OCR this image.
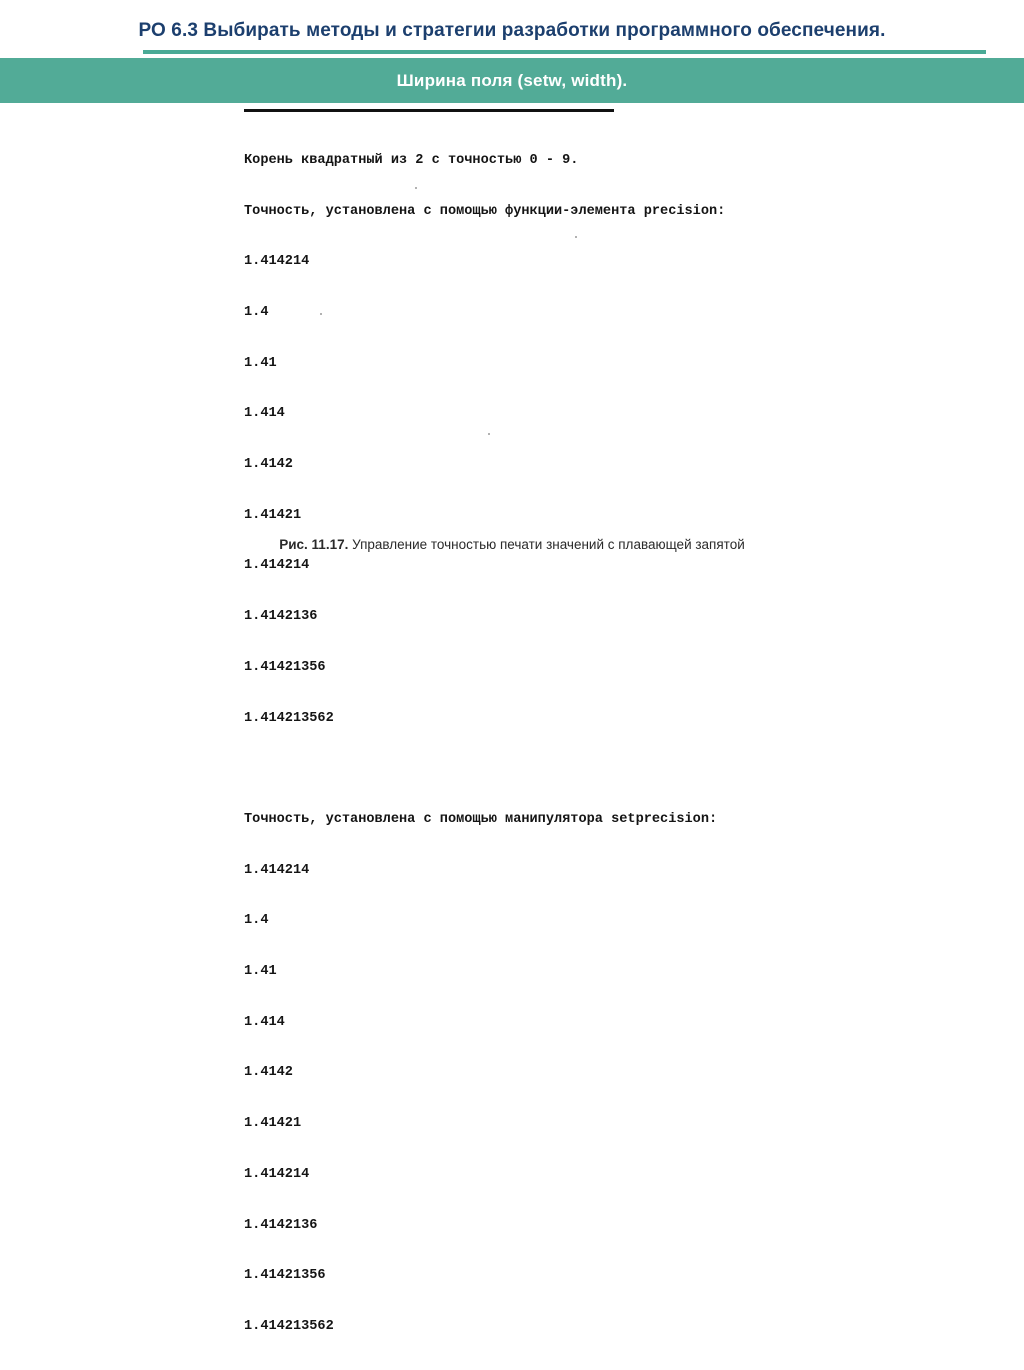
РО 6.3 Выбирать методы и стратегии разработки программного обеспечения.
Ширина поля (setw, width).

Корень квадратный из 2 с точностью 0 - 9.

Точность, установлена с помощью функции-элемента precision:

1.414214

1.4

1.41

1.414

1.4142

1.41421

1.414214

1.4142136

1.41421356

1.414213562

Точность, установлена с помощью манипулятора setprecision:

1.414214

1.4

1.41

1.414

1.4142

1.41421

1.414214

1.4142136

1.41421356

1.414213562

Рис. 11.17. Управление точностью печати значений с плавающей запятой
